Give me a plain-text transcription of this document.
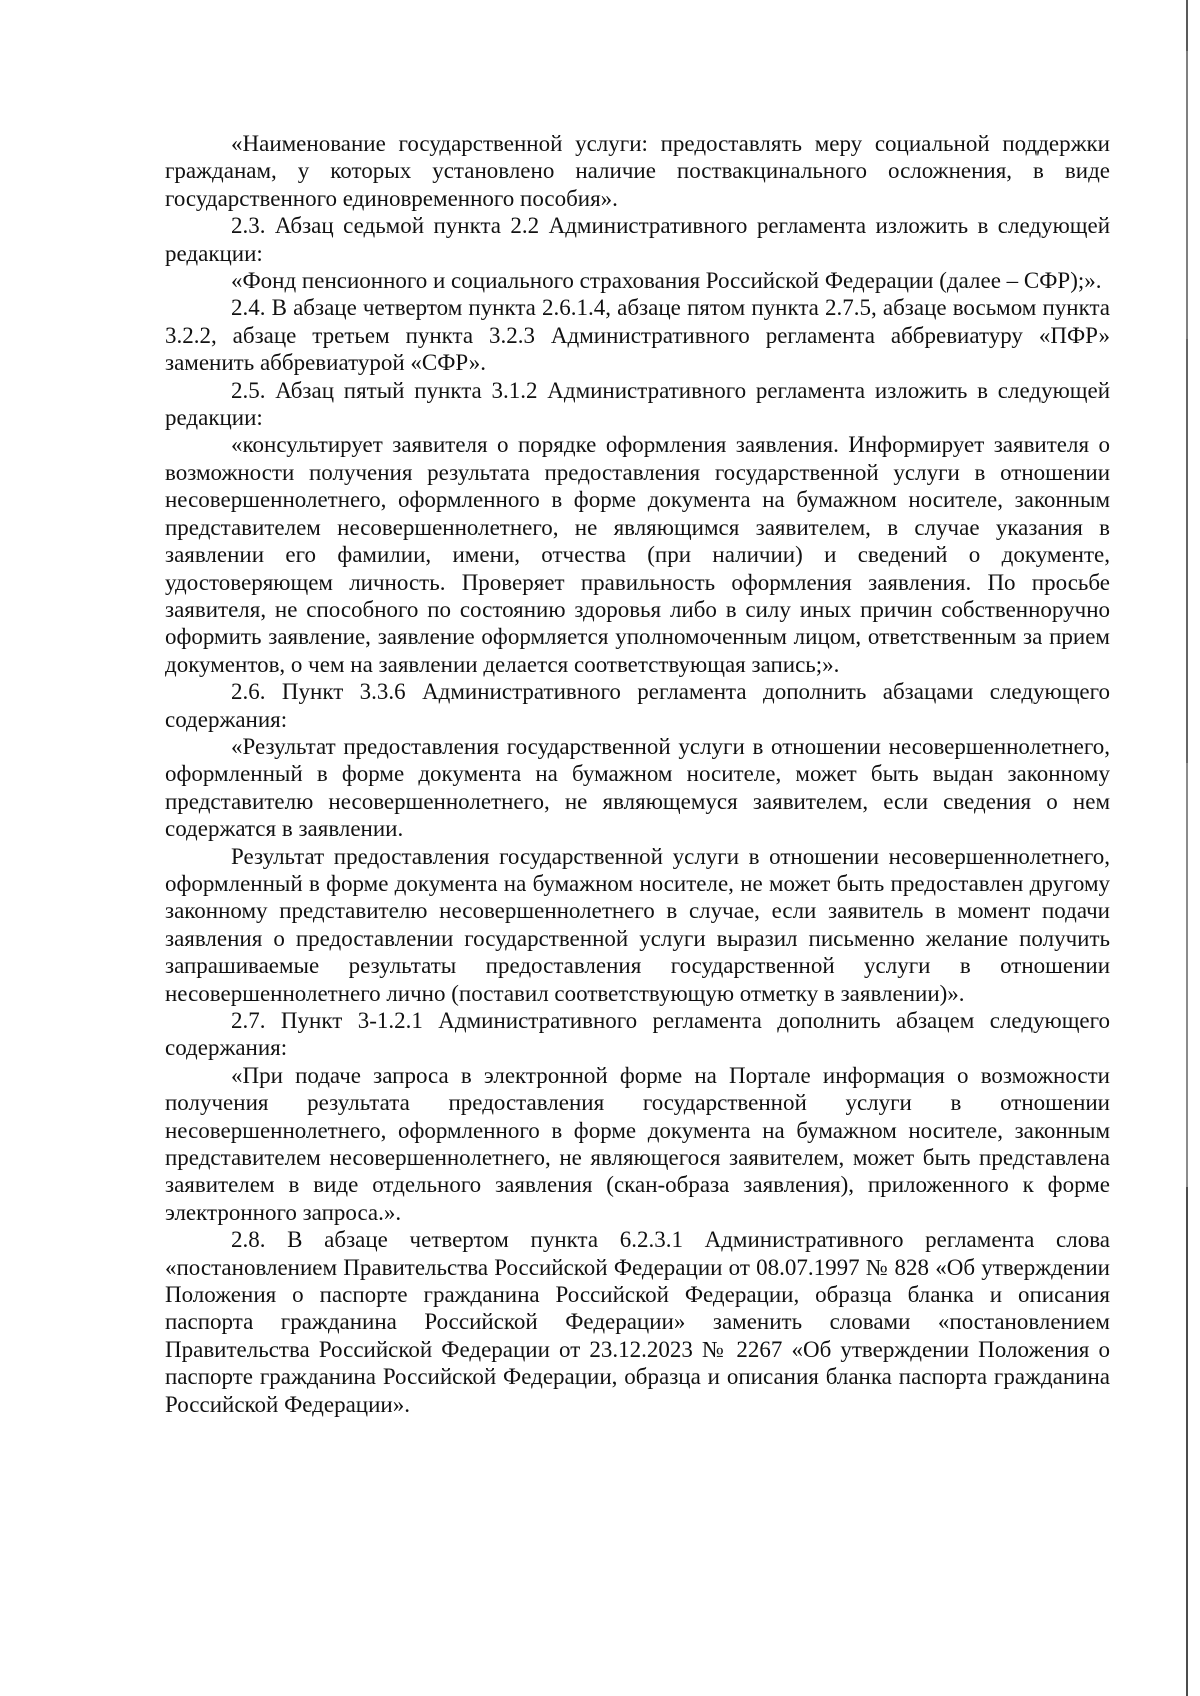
«Наименование государственной услуги: предоставлять меру социальной поддержки гражданам, у которых установлено наличие поствакцинального осложнения, в виде государственного единовременного пособия».

2.3. Абзац седьмой пункта 2.2 Административного регламента изложить в следующей редакции:

«Фонд пенсионного и социального страхования Российской Федерации (далее – СФР);».

2.4. В абзаце четвертом пункта 2.6.1.4, абзаце пятом пункта 2.7.5, абзаце восьмом пункта 3.2.2, абзаце третьем пункта 3.2.3 Административного регламента аббревиатуру «ПФР» заменить аббревиатурой «СФР».

2.5. Абзац пятый пункта 3.1.2 Административного регламента изложить в следующей редакции:

«консультирует заявителя о порядке оформления заявления. Информирует заявителя о возможности получения результата предоставления государственной услуги в отношении несовершеннолетнего, оформленного в форме документа на бумажном носителе, законным представителем несовершеннолетнего, не являющимся заявителем, в случае указания в заявлении его фамилии, имени, отчества (при наличии) и сведений о документе, удостоверяющем личность. Проверяет правильность оформления заявления. По просьбе заявителя, не способного по состоянию здоровья либо в силу иных причин собственноручно оформить заявление, заявление оформляется уполномоченным лицом, ответственным за прием документов, о чем на заявлении делается соответствующая запись;».

2.6. Пункт 3.3.6 Административного регламента дополнить абзацами следующего содержания:

«Результат предоставления государственной услуги в отношении несовершеннолетнего, оформленный в форме документа на бумажном носителе, может быть выдан законному представителю несовершеннолетнего, не являющемуся заявителем, если сведения о нем содержатся в заявлении.

Результат предоставления государственной услуги в отношении несовершеннолетнего, оформленный в форме документа на бумажном носителе, не может быть предоставлен другому законному представителю несовершеннолетнего в случае, если заявитель в момент подачи заявления о предоставлении государственной услуги выразил письменно желание получить запрашиваемые результаты предоставления государственной услуги в отношении несовершеннолетнего лично (поставил соответствующую отметку в заявлении)».

2.7. Пункт 3-1.2.1 Административного регламента дополнить абзацем следующего содержания:

«При подаче запроса в электронной форме на Портале информация о возможности получения результата предоставления государственной услуги в отношении несовершеннолетнего, оформленного в форме документа на бумажном носителе, законным представителем несовершеннолетнего, не являющегося заявителем, может быть представлена заявителем в виде отдельного заявления (скан-образа заявления), приложенного к форме электронного запроса.».

2.8. В абзаце четвертом пункта 6.2.3.1 Административного регламента слова «постановлением Правительства Российской Федерации от 08.07.1997 № 828 «Об утверждении Положения о паспорте гражданина Российской Федерации, образца бланка и описания паспорта гражданина Российской Федерации» заменить словами «постановлением Правительства Российской Федерации от 23.12.2023 № 2267 «Об утверждении Положения о паспорте гражданина Российской Федерации, образца и описания бланка паспорта гражданина Российской Федерации».
